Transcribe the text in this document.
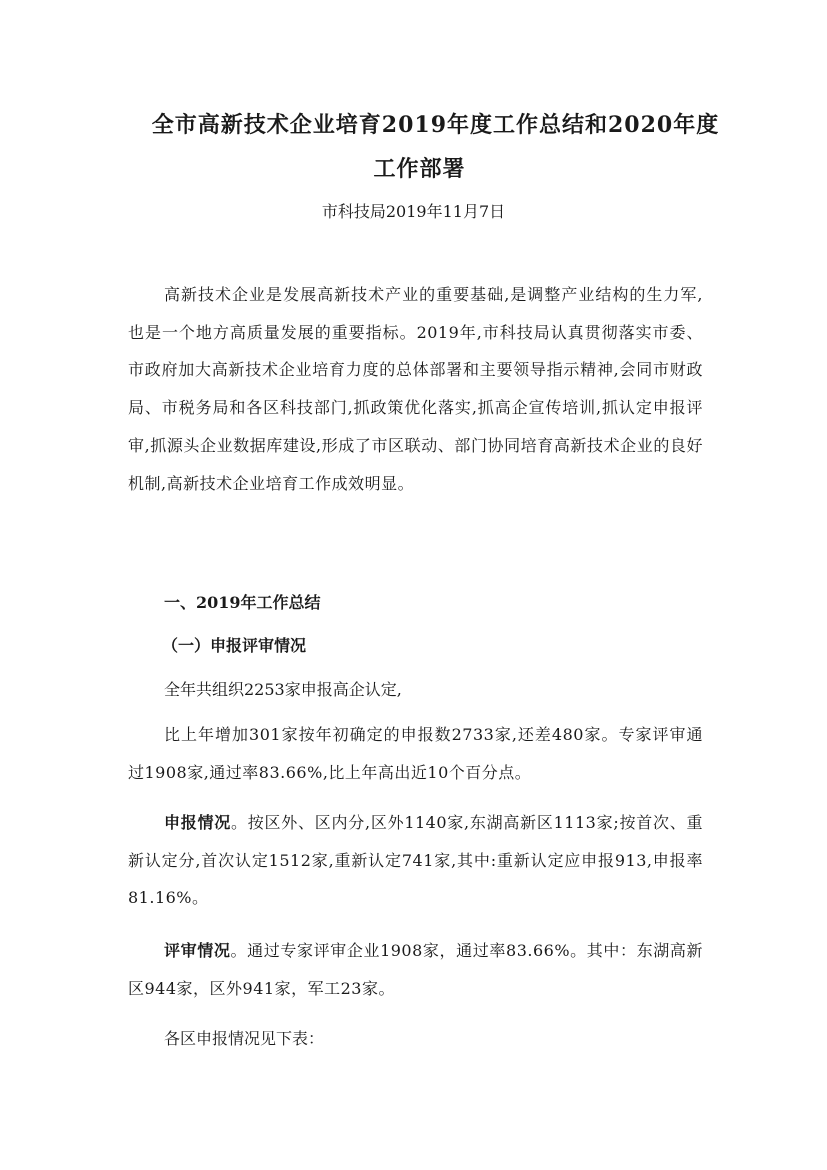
全市高新技术企业培育2019年度工作总结和2020年度
工作部署
市科技局2019年11月7日
高新技术企业是发展高新技术产业的重要基础,是调整产业结构的生力军,也是一个地方高质量发展的重要指标。2019年,市科技局认真贯彻落实市委、市政府加大高新技术企业培育力度的总体部署和主要领导指示精神,会同市财政局、市税务局和各区科技部门,抓政策优化落实,抓高企宣传培训,抓认定申报评审,抓源头企业数据库建设,形成了市区联动、部门协同培育高新技术企业的良好机制,高新技术企业培育工作成效明显。
一、2019年工作总结
（一）申报评审情况
全年共组织2253家申报高企认定,
比上年增加301家按年初确定的申报数2733家,还差480家。专家评审通过1908家,通过率83.66%,比上年高出近10个百分点。
申报情况。按区外、区内分,区外1140家,东湖高新区1113家;按首次、重新认定分,首次认定1512家,重新认定741家,其中:重新认定应申报913,申报率81.16%。
评审情况。通过专家评审企业1908家，通过率83.66%。其中：东湖高新区944家，区外941家，军工23家。
各区申报情况见下表：
